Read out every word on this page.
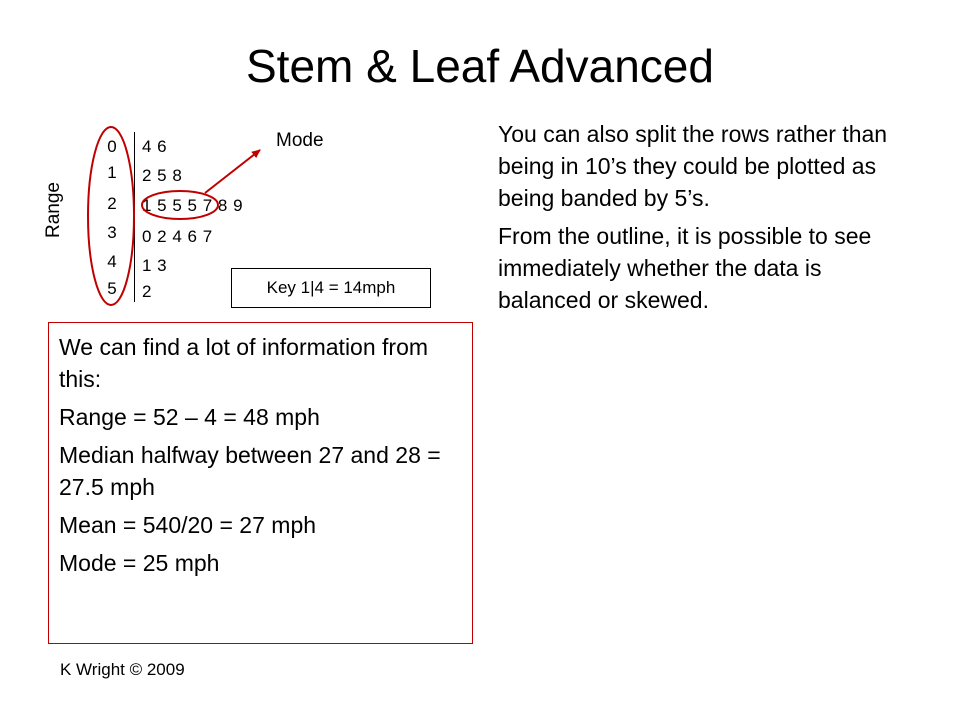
Stem & Leaf Advanced
0
1
2
3
4
5
4 6
2 5 8
1 5 5 5 7 8 9
0 2 4 6 7
1 3
2
Range
Mode
Key 1|4 = 14mph
We can find a lot of information from this:
Range = 52 – 4 = 48 mph
Median halfway between 27 and 28 = 27.5 mph
Mean = 540/20 = 27 mph
Mode = 25 mph
You can also split the rows rather than being in 10’s they could be plotted as being banded by 5’s.
From the outline, it is possible to see immediately whether the data is balanced or skewed.
K Wright © 2009
